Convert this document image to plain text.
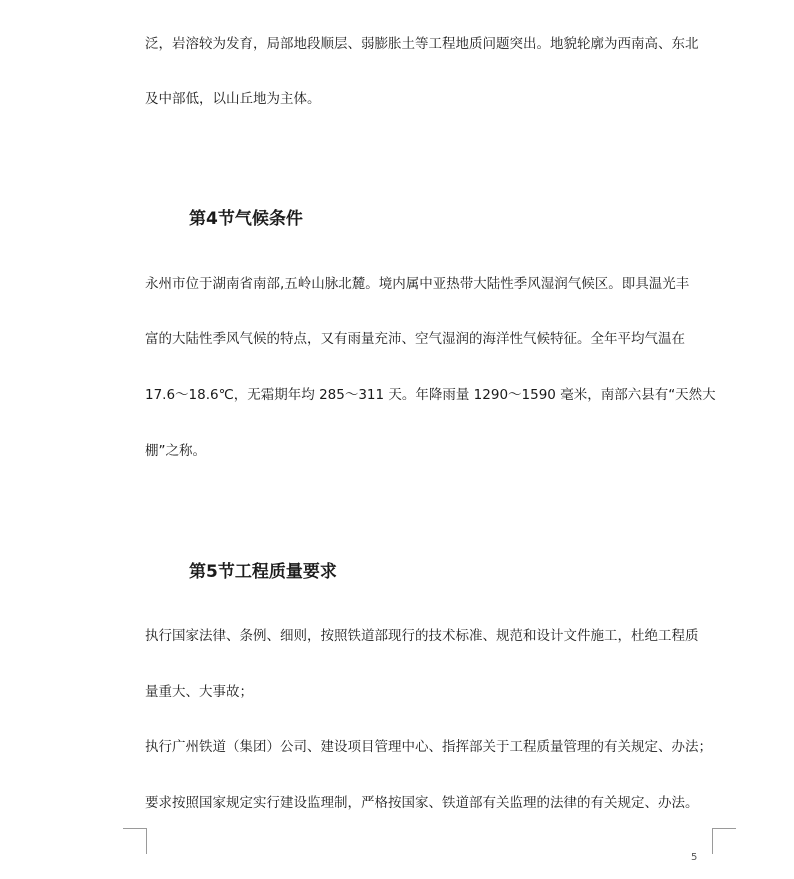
泛，岩溶较为发育，局部地段顺层、弱膨胀土等工程地质问题突出。地貌轮廓为西南高、东北
及中部低，以山丘地为主体。
第4节气候条件
永州市位于湖南省南部,五岭山脉北麓。境内属中亚热带大陆性季风湿润气候区。即具温光丰
富的大陆性季风气候的特点，又有雨量充沛、空气湿润的海洋性气候特征。全年平均气温在
17.6～18.6℃，无霜期年均 285～311 天。年降雨量 1290～1590 毫米，南部六县有“天然大
棚”之称。
第5节工程质量要求
执行国家法律、条例、细则，按照铁道部现行的技术标准、规范和设计文件施工，杜绝工程质
量重大、大事故；
执行广州铁道（集团）公司、建设项目管理中心、指挥部关于工程质量管理的有关规定、办法；
要求按照国家规定实行建设监理制，严格按国家、铁道部有关监理的法律的有关规定、办法。
5
